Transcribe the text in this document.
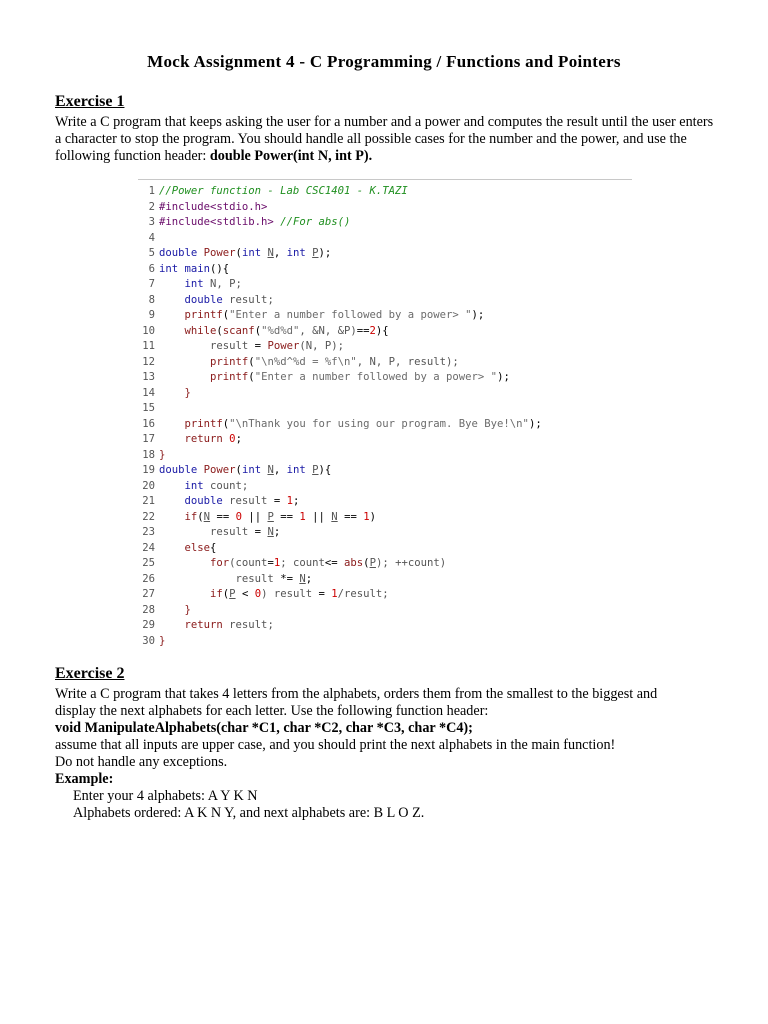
Mock Assignment 4 - C Programming / Functions and Pointers
Exercise 1
Write a C program that keeps asking the user for a number and a power and computes the result until the user enters a character to stop the program. You should handle all possible cases for the number and the power, and use the following function header: double Power(int N, int P).
1 //Power function - Lab CSC1401 - K.TAZI
2 #include<stdio.h>
3 #include<stdlib.h> //For abs()
4
5 double Power(int N, int P);
6 int main(){
7    int N, P;
8    double result;
9    printf("Enter a number followed by a power> ");
10    while(scanf("%d%d", &N, &P)==2){
11        result = Power(N, P);
12        printf("\n%d^%d = %f\n", N, P, result);
13        printf("Enter a number followed by a power> ");
14    }
15
16    printf("\nThank you for using our program. Bye Bye!\n");
17    return 0;
18 }
19 double Power(int N, int P){
20    int count;
21    double result = 1;
22    if(N == 0 || P == 1 || N == 1)
23        result = N;
24    else{
25        for(count=1; count<= abs(P); ++count)
26            result *= N;
27        if(P < 0) result = 1/result;
28    }
29    return result;
30 }
Exercise 2
Write a C program that takes 4 letters from the alphabets, orders them from the smallest to the biggest and
display the next alphabets for each letter. Use the following function header:
void ManipulateAlphabets(char *C1, char *C2, char *C3, char *C4);
assume that all inputs are upper case, and you should print the next alphabets in the main function!
Do not handle any exceptions.
Example:
Enter your 4 alphabets: A Y K N
Alphabets ordered: A K N Y, and next alphabets are: B L O Z.
